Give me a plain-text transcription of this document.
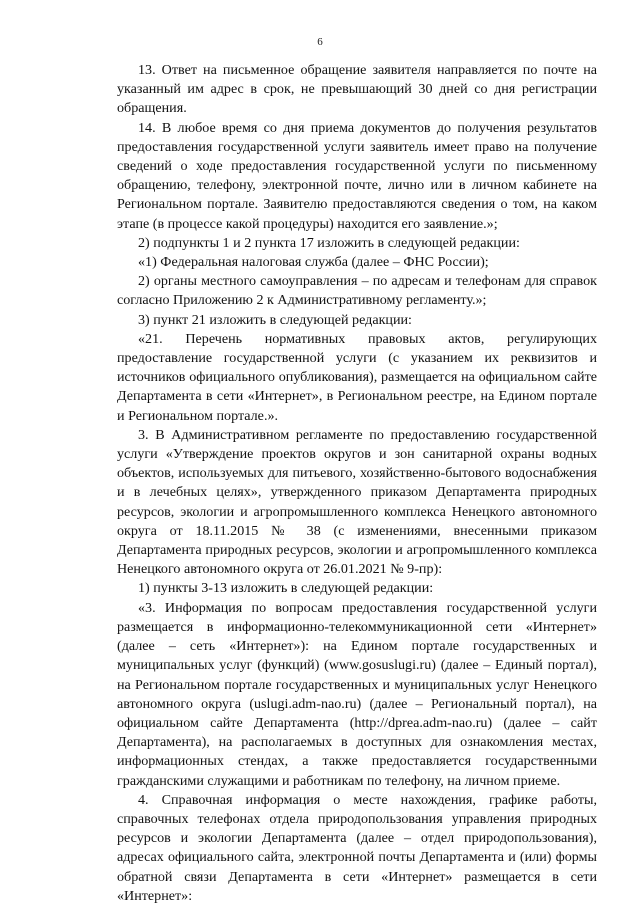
6

13. Ответ на письменное обращение заявителя направляется по почте на указанный им адрес в срок, не превышающий 30 дней со дня регистрации обращения.

14. В любое время со дня приема документов до получения результатов предоставления государственной услуги заявитель имеет право на получение сведений о ходе предоставления государственной услуги по письменному обращению, телефону, электронной почте, лично или в личном кабинете на Региональном портале. Заявителю предоставляются сведения о том, на каком этапе (в процессе какой процедуры) находится его заявление.»;

2) подпункты 1 и 2 пункта 17 изложить в следующей редакции:

«1) Федеральная налоговая служба (далее – ФНС России);

2) органы местного самоуправления – по адресам и телефонам для справок согласно Приложению 2 к Административному регламенту.»;

3) пункт 21 изложить в следующей редакции:

«21. Перечень нормативных правовых актов, регулирующих предоставление государственной услуги (с указанием их реквизитов и источников официального опубликования), размещается на официальном сайте Департамента в сети «Интернет», в Региональном реестре, на Едином портале и Региональном портале.».

3. В Административном регламенте по предоставлению государственной услуги «Утверждение проектов округов и зон санитарной охраны водных объектов, используемых для питьевого, хозяйственно-бытового водоснабжения и в лечебных целях», утвержденного приказом Департамента природных ресурсов, экологии и агропромышленного комплекса Ненецкого автономного округа от 18.11.2015 № 38 (с изменениями, внесенными приказом Департамента природных ресурсов, экологии и агропромышленного комплекса Ненецкого автономного округа от 26.01.2021 № 9-пр):

1) пункты 3-13 изложить в следующей редакции:

«3. Информация по вопросам предоставления государственной услуги размещается в информационно-телекоммуникационной сети «Интернет» (далее – сеть «Интернет»): на Едином портале государственных и муниципальных услуг (функций) (www.gosuslugi.ru) (далее – Единый портал), на Региональном портале государственных и муниципальных услуг Ненецкого автономного округа (uslugi.adm-nao.ru) (далее – Региональный портал), на официальном сайте Департамента (http://dprea.adm-nao.ru) (далее – сайт Департамента), на располагаемых в доступных для ознакомления местах, информационных стендах, а также предоставляется государственными гражданскими служащими и работникам по телефону, на личном приеме.

4. Справочная информация о месте нахождения, графике работы, справочных телефонах отдела природопользования управления природных ресурсов и экологии Департамента (далее – отдел природопользования), адресах официального сайта, электронной почты Департамента и (или) формы обратной связи Департамента в сети «Интернет» размещается в сети «Интернет»:
